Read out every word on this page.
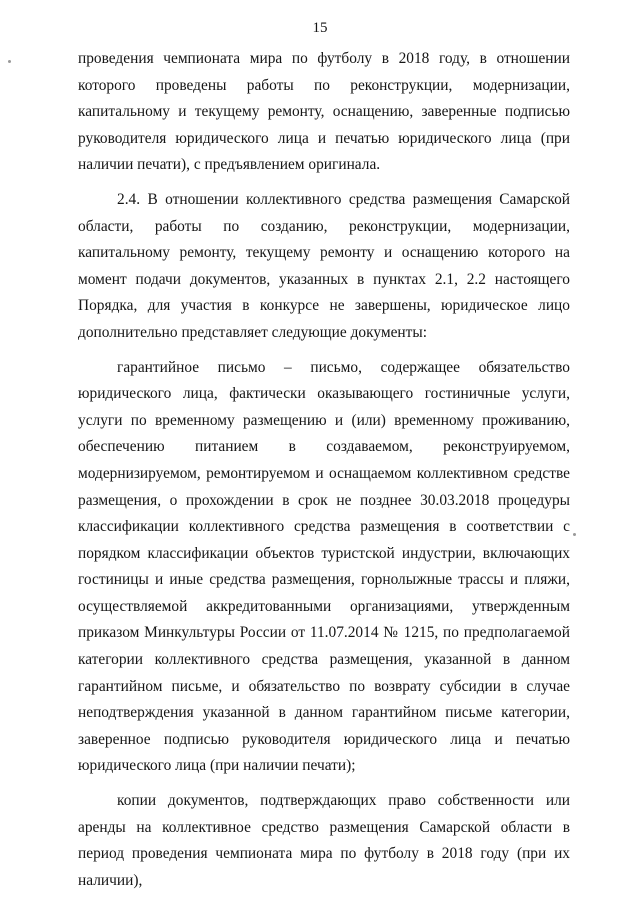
15

проведения чемпионата мира по футболу в 2018 году, в отношении которого проведены работы по реконструкции, модернизации, капитальному и текущему ремонту, оснащению, заверенные подписью руководителя юридического лица и печатью юридического лица (при наличии печати), с предъявлением оригинала.

2.4. В отношении коллективного средства размещения Самарской области, работы по созданию, реконструкции, модернизации, капитальному ремонту, текущему ремонту и оснащению которого на момент подачи документов, указанных в пунктах 2.1, 2.2 настоящего Порядка, для участия в конкурсе не завершены, юридическое лицо дополнительно представляет следующие документы:

гарантийное письмо – письмо, содержащее обязательство юридического лица, фактически оказывающего гостиничные услуги, услуги по временному размещению и (или) временному проживанию, обеспечению питанием в создаваемом, реконструируемом, модернизируемом, ремонтируемом и оснащаемом коллективном средстве размещения, о прохождении в срок не позднее 30.03.2018 процедуры классификации коллективного средства размещения в соответствии с порядком классификации объектов туристской индустрии, включающих гостиницы и иные средства размещения, горнолыжные трассы и пляжи, осуществляемой аккредитованными организациями, утвержденным приказом Минкультуры России от 11.07.2014 № 1215, по предполагаемой категории коллективного средства размещения, указанной в данном гарантийном письме, и обязательство по возврату субсидии в случае неподтверждения указанной в данном гарантийном письме категории, заверенное подписью руководителя юридического лица и печатью юридического лица (при наличии печати);

копии документов, подтверждающих право собственности или аренды на коллективное средство размещения Самарской области в период проведения чемпионата мира по футболу в 2018 году (при их наличии),
